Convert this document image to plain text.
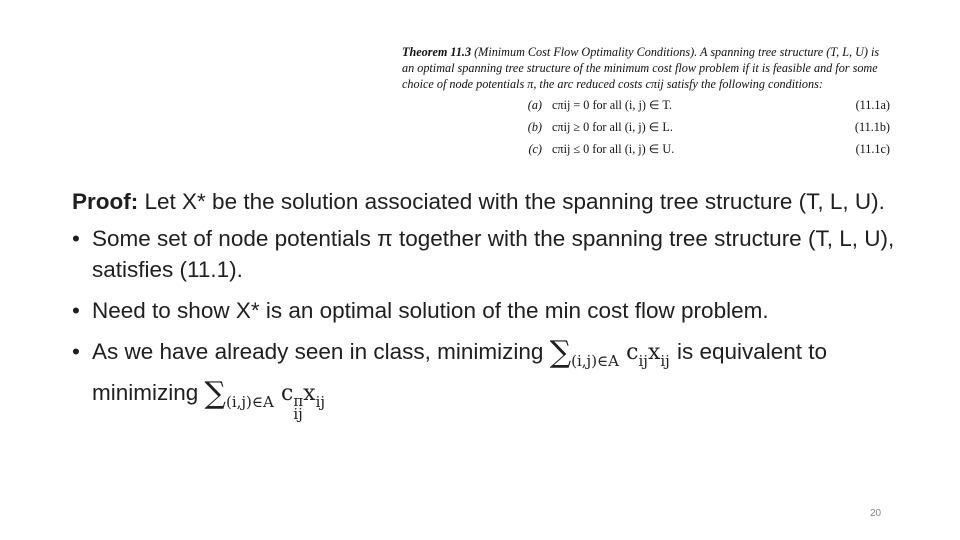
Theorem 11.3 (Minimum Cost Flow Optimality Conditions). A spanning tree structure (T, L, U) is an optimal spanning tree structure of the minimum cost flow problem if it is feasible and for some choice of node potentials π, the arc reduced costs cπij satisfy the following conditions:
(a) cπij = 0 for all (i, j) ∈ T.	(11.1a)
(b) cπij ≥ 0 for all (i, j) ∈ L.	(11.1b)
(c) cπij ≤ 0 for all (i, j) ∈ U.	(11.1c)

Proof: Let X* be the solution associated with the spanning tree structure (T, L, U).

• Some set of node potentials π together with the spanning tree structure (T, L, U), satisfies (11.1).
• Need to show X* is an optimal solution of the min cost flow problem.
• As we have already seen in class, minimizing $\sum_{(i,j)\in A}$ $c_{ij}x_{ij}$ is equivalent to minimizing $\sum_{(i,j)\in A}$ c π
ij
$x_{ij}$
20
